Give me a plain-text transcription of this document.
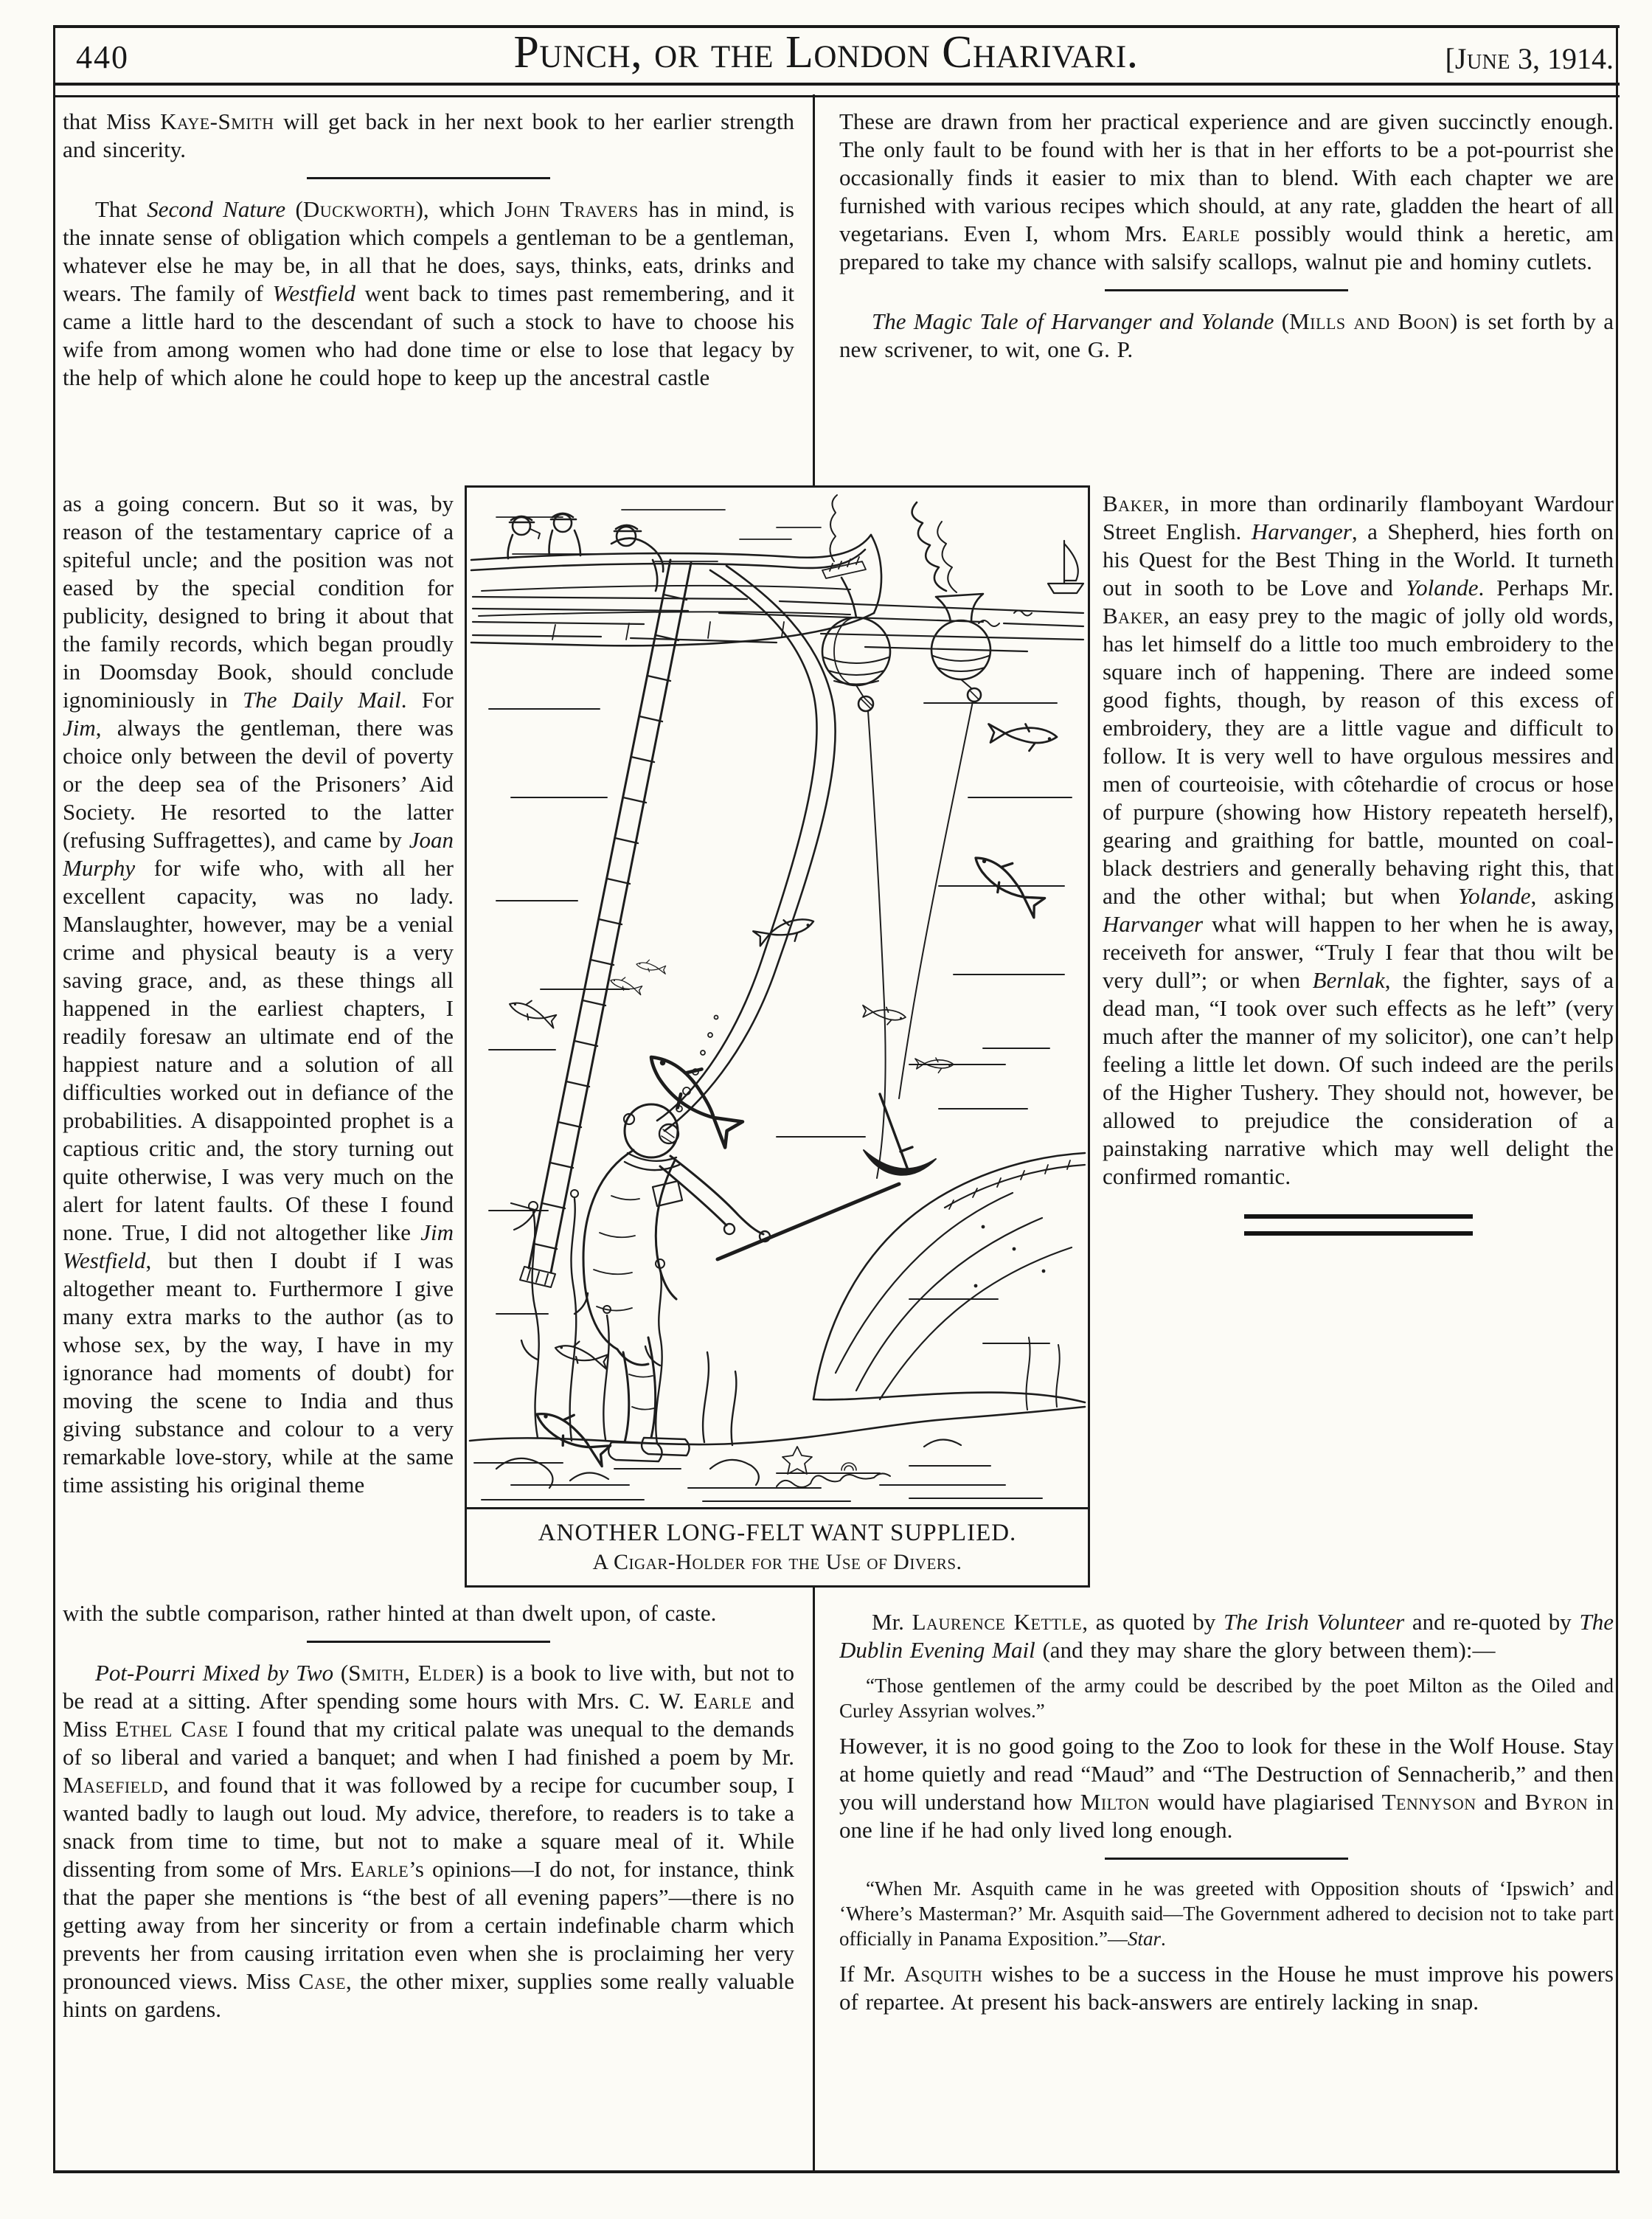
440	Punch, or the London Charivari.	[June 3, 1914.

that Miss Kaye-Smith will get back in her next book to her earlier strength and sincerity.

That Second Nature (Duckworth), which John Travers has in mind, is the innate sense of obligation which compels a gentleman to be a gentleman, whatever else he may be, in all that he does, says, thinks, eats, drinks and wears. The family of Westfield went back to times past remembering, and it came a little hard to the descendant of such a stock to have to choose his wife from among women who had done time or else to lose that legacy by the help of which alone he could hope to keep up the ancestral castle

as a going concern. But so it was, by reason of the testamentary caprice of a spiteful uncle; and the position was not eased by the special condition for publicity, designed to bring it about that the family records, which began proudly in Doomsday Book, should conclude ignominiously in The Daily Mail. For Jim, always the gentleman, there was choice only between the devil of poverty or the deep sea of the Prisoners’ Aid Society. He resorted to the latter (refusing Suffragettes), and came by Joan Murphy for wife who, with all her excellent capacity, was no lady. Manslaughter, however, may be a venial crime and physical beauty is a very saving grace, and, as these things all happened in the earliest chapters, I readily foresaw an ultimate end of the happiest nature and a solution of all difficulties worked out in defiance of the probabilities. A disappointed prophet is a captious critic and, the story turning out quite otherwise, I was very much on the alert for latent faults. Of these I found none. True, I did not altogether like Jim Westfield, but then I doubt if I was altogether meant to. Furthermore I give many extra marks to the author (as to whose sex, by the way, I have in my ignorance had moments of doubt) for moving the scene to India and thus giving substance and colour to a very remarkable love-story, while at the same time assisting his original theme

with the subtle comparison, rather hinted at than dwelt upon, of caste.

Pot-Pourri Mixed by Two (Smith, Elder) is a book to live with, but not to be read at a sitting. After spending some hours with Mrs. C. W. Earle and Miss Ethel Case I found that my critical palate was unequal to the demands of so liberal and varied a banquet; and when I had finished a poem by Mr. Masefield, and found that it was followed by a recipe for cucumber soup, I wanted badly to laugh out loud. My advice, therefore, to readers is to take a snack from time to time, but not to make a square meal of it. While dissenting from some of Mrs. Earle’s opinions—I do not, for instance, think that the paper she mentions is “the best of all evening papers”—there is no getting away from her sincerity or from a certain indefinable charm which prevents her from causing irritation even when she is proclaiming her very pronounced views. Miss Case, the other mixer, supplies some really valuable hints on gardens.

These are drawn from her practical experience and are given succinctly enough. The only fault to be found with her is that in her efforts to be a pot-pourrist she occasionally finds it easier to mix than to blend. With each chapter we are furnished with various recipes which should, at any rate, gladden the heart of all vegetarians. Even I, whom Mrs. Earle possibly would think a heretic, am prepared to take my chance with salsify scallops, walnut pie and hominy cutlets.

The Magic Tale of Harvanger and Yolande (Mills and Boon) is set forth by a new scrivener, to wit, one G. P.

Baker, in more than ordinarily flamboyant Wardour Street English. Harvanger, a Shepherd, hies forth on his Quest for the Best Thing in the World. It turneth out in sooth to be Love and Yolande. Perhaps Mr. Baker, an easy prey to the magic of jolly old words, has let himself do a little too much embroidery to the square inch of happening. There are indeed some good fights, though, by reason of this excess of embroidery, they are a little vague and difficult to follow. It is very well to have orgulous messires and men of courteoisie, with côtehardie of crocus or hose of purpure (showing how History repeateth herself), gearing and graithing for battle, mounted on coal-black destriers and generally behaving right this, that and the other withal; but when Yolande, asking Harvanger what will happen to her when he is away, receiveth for answer, “Truly I fear that thou wilt be very dull”; or when Bernlak, the fighter, says of a dead man, “I took over such effects as he left” (very much after the manner of my solicitor), one can’t help feeling a little let down. Of such indeed are the perils of the Higher Tushery. They should not, however, be allowed to prejudice the consideration of a painstaking narrative which may well delight the confirmed romantic.

Mr. Laurence Kettle, as quoted by The Irish Volunteer and re-quoted by The Dublin Evening Mail (and they may share the glory between them):—

“Those gentlemen of the army could be described by the poet Milton as the Oiled and Curley Assyrian wolves.”

However, it is no good going to the Zoo to look for these in the Wolf House. Stay at home quietly and read “Maud” and “The Destruction of Sennacherib,” and then you will understand how Milton would have plagiarised Tennyson and Byron in one line if he had only lived long enough.

“When Mr. Asquith came in he was greeted with Opposition shouts of ‘Ipswich’ and ‘Where’s Masterman?’ Mr. Asquith said—The Government adhered to decision not to take part officially in Panama Exposition.”—Star.

If Mr. Asquith wishes to be a success in the House he must improve his powers of repartee. At present his back-answers are entirely lacking in snap.

ANOTHER LONG-FELT WANT SUPPLIED.
A Cigar-Holder for the Use of Divers.
